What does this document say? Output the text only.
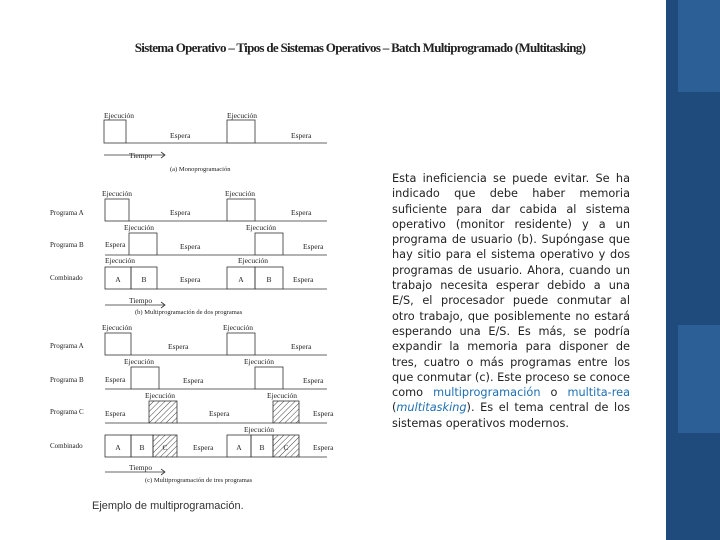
Sistema Operativo – Tipos de Sistemas Operativos – Batch Multiprogramado (Multitasking)
Ejecución	Ejecución
Espera	Espera
Tiempo
(a) Monoprogramación
Ejecución	Ejecución
Programa A	Espera	Espera
Ejecución	Ejecución
Programa B	Espera	Espera	Espera
Ejecución	Ejecución
Combinado	A	B	Espera	A	B	Espera
Tiempo
(b) Multiprogramación de dos programas
Ejecución	Ejecución
Programa A	Espera	Espera
Ejecución	Ejecución
Programa B	Espera	Espera	Espera
Ejecución	Ejecución
Programa C	Espera	Espera	Espera
Ejecución
Combinado	A	B C	Espera	A B	C	Espera
Tiempo
(c) Multiprogramación de tres programas
Ejemplo de multiprogramación.
Esta ineficiencia se puede evitar. Se ha indicado que debe haber memoria suficiente para dar cabida al sistema operativo (monitor residente) y a un programa de usuario (b). Supóngase que hay sitio para el sistema operativo y dos programas de usuario. Ahora, cuando un trabajo necesita esperar debido a una E/S, el procesador puede conmutar al otro trabajo, que posiblemente no estará esperando una E/S. Es más, se podría expandir la memoria para disponer de tres, cuatro o más programas entre los que conmutar (c). Este proceso se conoce como multiprogramación o multita-rea (multitasking). Es el tema central de los sistemas operativos modernos.
